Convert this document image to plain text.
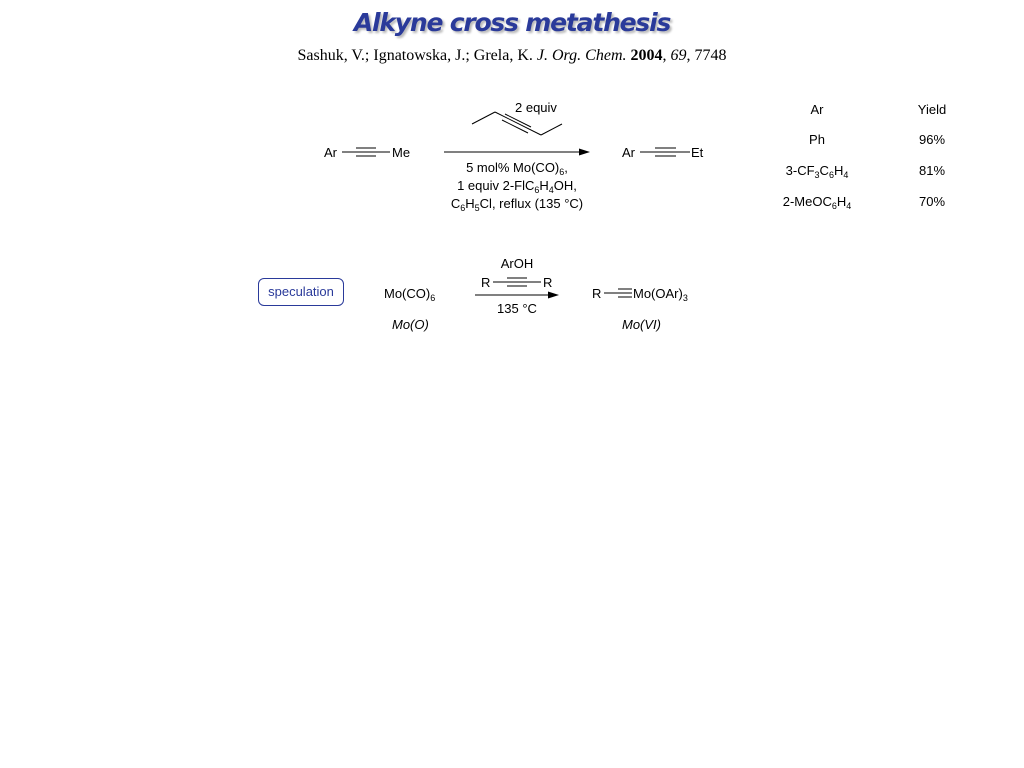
Alkyne cross metathesis
Sashuk, V.; Ignatowska, J.; Grela, K. J. Org. Chem. 2004, 69, 7748
Ar	Me
2 equiv
5 mol% $Mo(CO)_6$,
1 equiv $2-FlC_6H_4OH$,
$C_6H_5Cl$, reflux (135 °C)
Ar	Et
Ar	Yield
Ph	96%
$3-CF_3C_6H_4$	81%
$2-MeOC_6H_4$	70%
$Mo(CO)_6$
Mo(O)
ArOH
R	R
135 °C
R $Mo(OAr)_3$
Mo(VI)
speculation
